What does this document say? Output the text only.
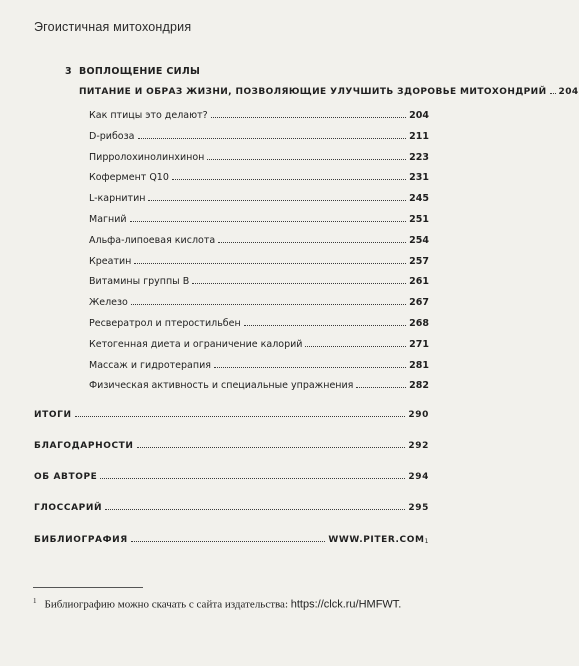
Эгоистичная митохондрия
3 ВОПЛОЩЕНИЕ СИЛЫ
ПИТАНИЕ И ОБРАЗ ЖИЗНИ, ПОЗВОЛЯЮЩИЕ УЛУЧШИТЬ ЗДОРОВЬЕ МИТОХОНДРИЙ 204
Как птицы это делают?	204
D-рибоза	211
Пирролохинолинхинон	223
Кофермент Q10	231
L-карнитин	245
Магний	251
Альфа-липоевая кислота	254
Креатин	257
Витамины группы В	261
Железо	267
Ресвератрол и птеростильбен	268
Кетогенная диета и ограничение калорий	271
Массаж и гидротерапия	281
Физическая активность и специальные упражнения	282
ИТОГИ	290
БЛАГОДАРНОСТИ	292
ОБ АВТОРЕ	294
ГЛОССАРИЙ	295
БИБЛИОГРАФИЯ	WWW.PITER.COM 1
$^1$ Библиографию можно скачать с сайта издательства: https://clck.ru/HMFWT.
